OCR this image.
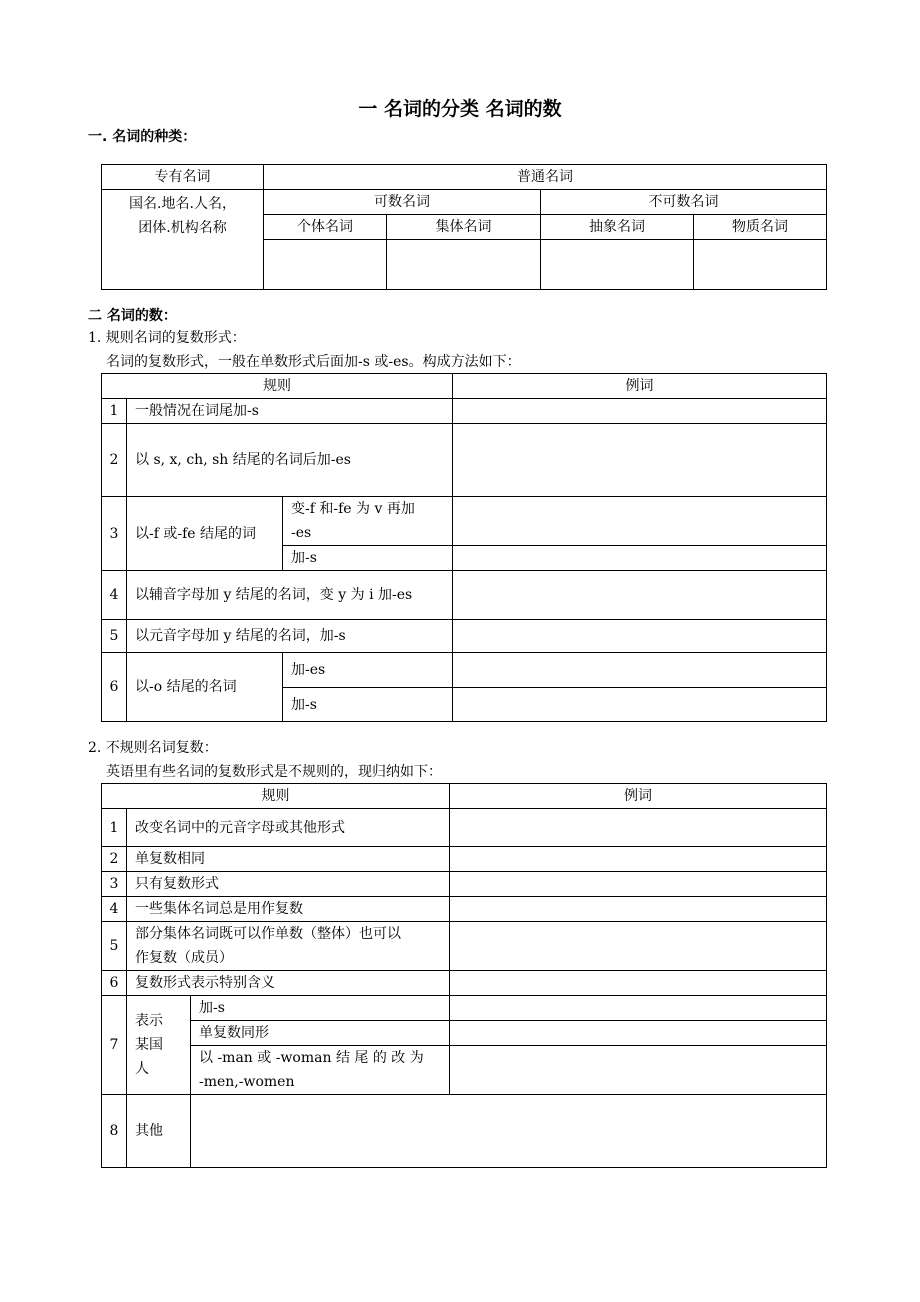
一 名词的分类 名词的数
一. 名词的种类：
专有名词	普通名词			

国名.地名.人名，
团体.机构名称	可数名词		不可数名词	
	个体名词	集体名词	抽象名词	物质名词

二 名词的数：
1. 规则名词的复数形式：
名词的复数形式，一般在单数形式后面加-s 或-es。构成方法如下：
规则			例词
1	一般情况在词尾加-s		
2	以 s, x, ch, sh 结尾的名词后加-es		
3	以-f 或-fe 结尾的词	变-f 和-fe 为 v 再加
-es	

		加-s	
4	以辅音字母加 y 结尾的名词，变 y 为 i 加-es		
5	以元音字母加 y 结尾的名词，加-s		
6	以-o 结尾的名词	加-es	
		加-s	
2. 不规则名词复数：
英语里有些名词的复数形式是不规则的，现归纳如下：
规则			例词
1	改变名词中的元音字母或其他形式		
2	单复数相同		
3	只有复数形式		
4	一些集体名词总是用作复数		
5	部分集体名词既可以作单数（整体）也可以
作复数（成员）		

6	复数形式表示特别含义		
7	表示
某国
人	加-s	
		单复数同形	

		以 -man 或 -woman 结 尾 的 改 为
-men,-women	

8	其他		
